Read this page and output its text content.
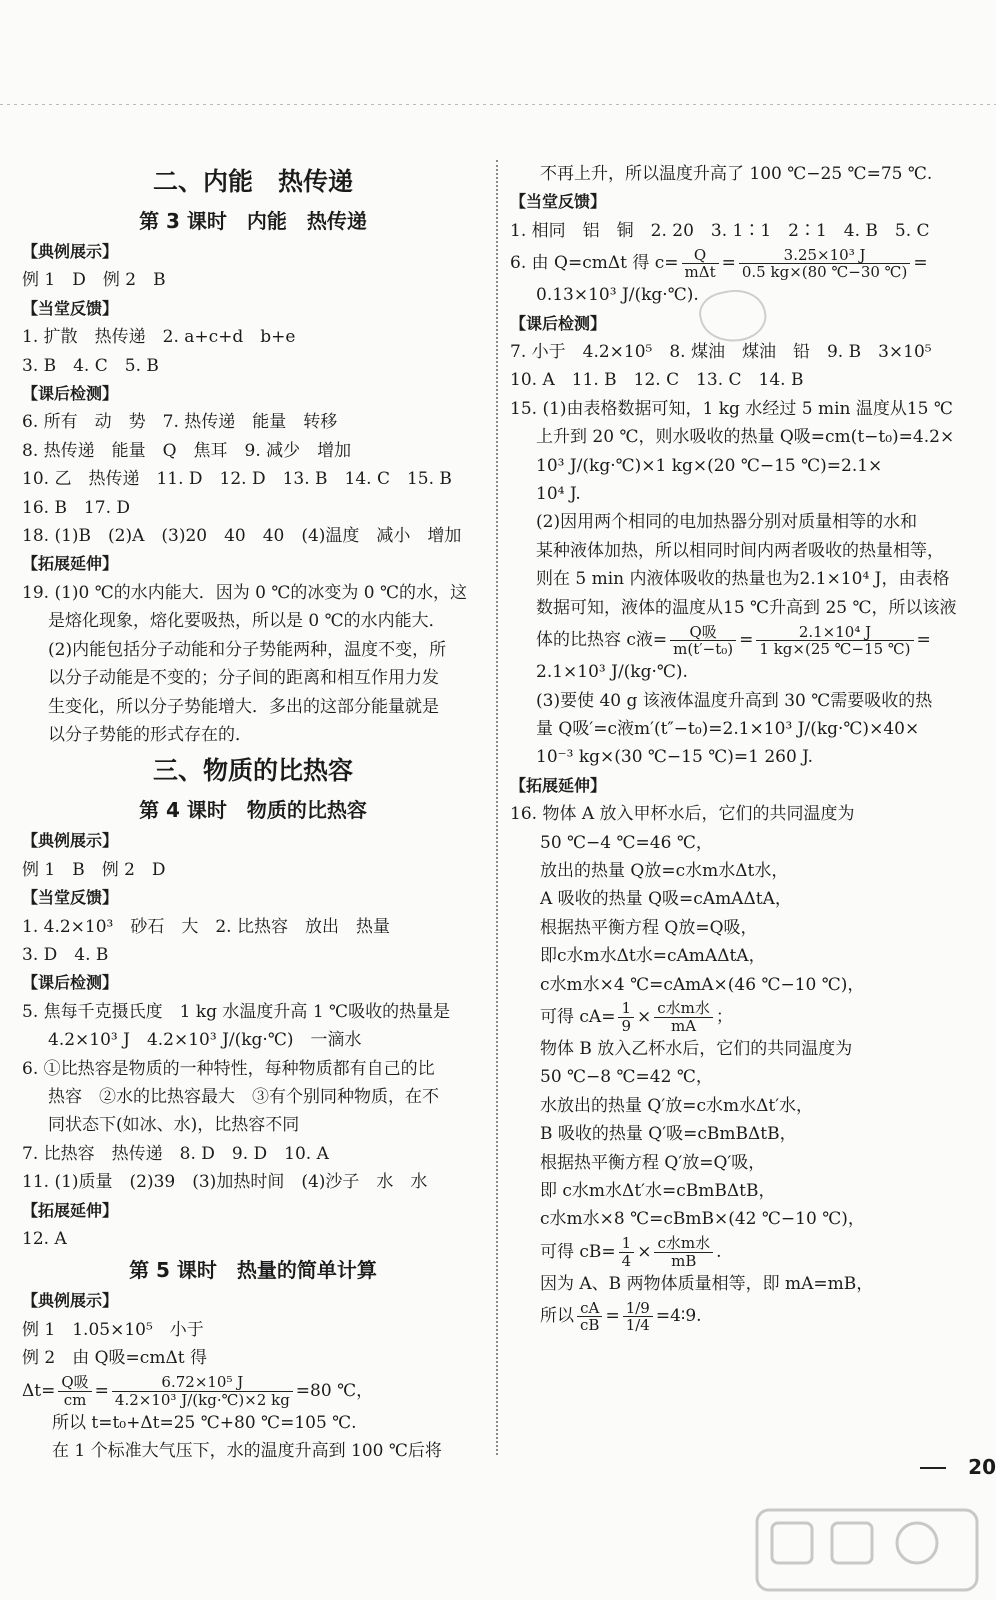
二、内能　热传递
第 3 课时　内能　热传递
【典例展示】
例 1　D　例 2　B
【当堂反馈】
1. 扩散　热传递　2. a+c+d　b+e
3. B　4. C　5. B
【课后检测】
6. 所有　动　势　7. 热传递　能量　转移
8. 热传递　能量　Q　焦耳　9. 减少　增加
10. 乙　热传递　11. D　12. D　13. B　14. C　15. B
16. B　17. D
18. (1)B　(2)A　(3)20　40　40　(4)温度　减小　增加
【拓展延伸】
19. (1)0 ℃的水内能大．因为 0 ℃的冰变为 0 ℃的水，这
是熔化现象，熔化要吸热，所以是 0 ℃的水内能大．
(2)内能包括分子动能和分子势能两种，温度不变，所
以分子动能是不变的；分子间的距离和相互作用力发
生变化，所以分子势能增大．多出的这部分能量就是
以分子势能的形式存在的．
三、物质的比热容
第 4 课时　物质的比热容
【典例展示】
例 1　B　例 2　D
【当堂反馈】
1. 4.2×10³　砂石　大　2. 比热容　放出　热量
3. D　4. B
【课后检测】
5. 焦每千克摄氏度　1 kg 水温度升高 1 ℃吸收的热量是
4.2×10³ J　4.2×10³ J/(kg·℃)　一滴水
6. ①比热容是物质的一种特性，每种物质都有自己的比
热容　②水的比热容最大　③有个别同种物质，在不
同状态下(如冰、水)，比热容不同
7. 比热容　热传递　8. D　9. D　10. A
11. (1)质量　(2)39　(3)加热时间　(4)沙子　水　水
【拓展延伸】
12. A
第 5 课时　热量的简单计算
【典例展示】
例 1　1.05×10⁵　小于
例 2　由 Q吸=cmΔt 得
$\Delta t= \frac{\text{Q吸}}{cm} = \frac{\text{6.72×10⁵ J}}{\text{4.2×10³ J/(kg·℃)×2 kg}} =80$ ℃，
所以 t=t₀+Δt=25 ℃+80 ℃=105 ℃.
在 1 个标准大气压下，水的温度升高到 100 ℃后将
不再上升，所以温度升高了 100 ℃−25 ℃=75 ℃.
【当堂反馈】
1. 相同　铝　铜　2. 20　3. 1∶1　2∶1　4. B　5. C
6. 由 Q=cmΔt 得 $c= \frac{Q}{\text{mΔt}} = \frac{\text{3.25×10³ J}}{0.5 kg\times(80 ℃-30 ℃)}$ =
0.13×10³ J/(kg·℃).
【课后检测】
7. 小于　4.2×10⁵　8. 煤油　煤油　铅　9. B　3×10⁵
10. A　11. B　12. C　13. C　14. B
15. (1)由表格数据可知，1 kg 水经过 5 min 温度从15 ℃
上升到 20 ℃，则水吸收的热量 Q吸=cm(t−t₀)=4.2×
10³ J/(kg·℃)×1 kg×(20 ℃−15 ℃)=2.1×
10⁴ J.
(2)因用两个相同的电加热器分别对质量相等的水和
某种液体加热，所以相同时间内两者吸收的热量相等，
则在 5 min 内液体吸收的热量也为2.1×10⁴ J，由表格
数据可知，液体的温度从15 ℃升高到 25 ℃，所以该液
体的比热容 c液= $\frac{\text{Q吸}}{\text{m(t′−t₀)}} = \frac{\text{2.1×10⁴ J}}{1 kg\times(25 ℃-15 ℃)}$ =
2.1×10³ J/(kg·℃).
(3)要使 40 g 该液体温度升高到 30 ℃需要吸收的热
量 Q吸′=c液m′(t″−t₀)=2.1×10³ J/(kg·℃)×40×
10⁻³ kg×(30 ℃−15 ℃)=1 260 J.
【拓展延伸】
16. 物体 A 放入甲杯水后，它们的共同温度为
50 ℃−4 ℃=46 ℃，
放出的热量 Q放=c水m水Δt水，
A 吸收的热量 Q吸=cAmAΔtA，
根据热平衡方程 Q放=Q吸，
即c水m水Δt水=cAmAΔtA，
c水m水×4 ℃=cAmA×(46 ℃−10 ℃)，
可得 $cA= \frac{1}{9} \times \frac{\text{c水m水}}{mA}$ ；
物体 B 放入乙杯水后，它们的共同温度为
50 ℃−8 ℃=42 ℃，
水放出的热量 Q′放=c水m水Δt′水，
B 吸收的热量 Q′吸=cBmBΔtB，
根据热平衡方程 Q′放=Q′吸，
即 c水m水Δt′水=cBmBΔtB，
c水m水×8 ℃=cBmB×(42 ℃−10 ℃)，
可得 $cB= \frac{1}{4} \times \frac{\text{c水m水}}{mB}$ .
因为 A、B 两物体质量相等，即 mA=mB，
所以 $\frac{cA}{cB} = \frac{1/9}{1/4}$ =4∶9.
20
